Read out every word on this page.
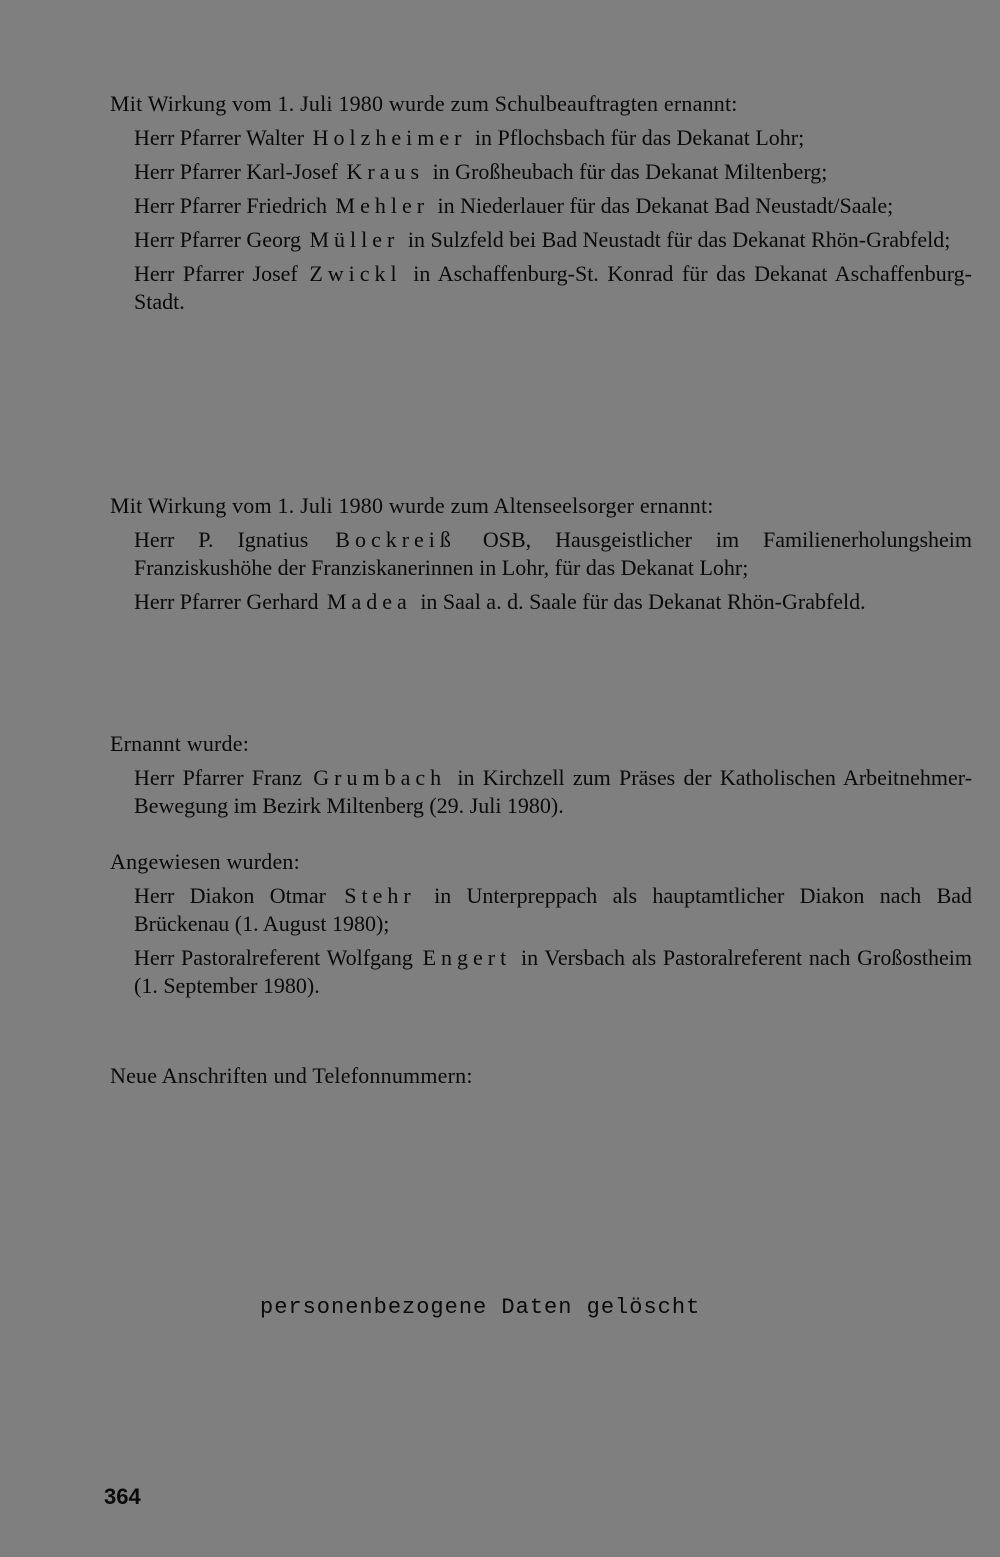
Mit Wirkung vom 1. Juli 1980 wurde zum Schulbeauftragten ernannt:
Herr Pfarrer Walter Holzheimer in Pflochsbach für das Dekanat Lohr;
Herr Pfarrer Karl-Josef Kraus in Großheubach für das Dekanat Miltenberg;
Herr Pfarrer Friedrich Mehler in Niederlauer für das Dekanat Bad Neustadt/Saale;
Herr Pfarrer Georg Müller in Sulzfeld bei Bad Neustadt für das Dekanat Rhön-Grabfeld;
Herr Pfarrer Josef Zwickl in Aschaffenburg-St. Konrad für das Dekanat Aschaffenburg-Stadt.
Mit Wirkung vom 1. Juli 1980 wurde zum Altenseelsorger ernannt:
Herr P. Ignatius Bockreiß OSB, Hausgeistlicher im Familienerholungsheim Franziskushöhe der Franziskanerinnen in Lohr, für das Dekanat Lohr;
Herr Pfarrer Gerhard Madea in Saal a. d. Saale für das Dekanat Rhön-Grabfeld.
Ernannt wurde:
Herr Pfarrer Franz Grumbach in Kirchzell zum Präses der Katholischen Arbeitnehmer-Bewegung im Bezirk Miltenberg (29. Juli 1980).
Angewiesen wurden:
Herr Diakon Otmar Stehr in Unterpreppach als hauptamtlicher Diakon nach Bad Brückenau (1. August 1980);
Herr Pastoralreferent Wolfgang Engert in Versbach als Pastoralreferent nach Großostheim (1. September 1980).
Neue Anschriften und Telefonnummern:
personenbezogene Daten gelöscht
364
